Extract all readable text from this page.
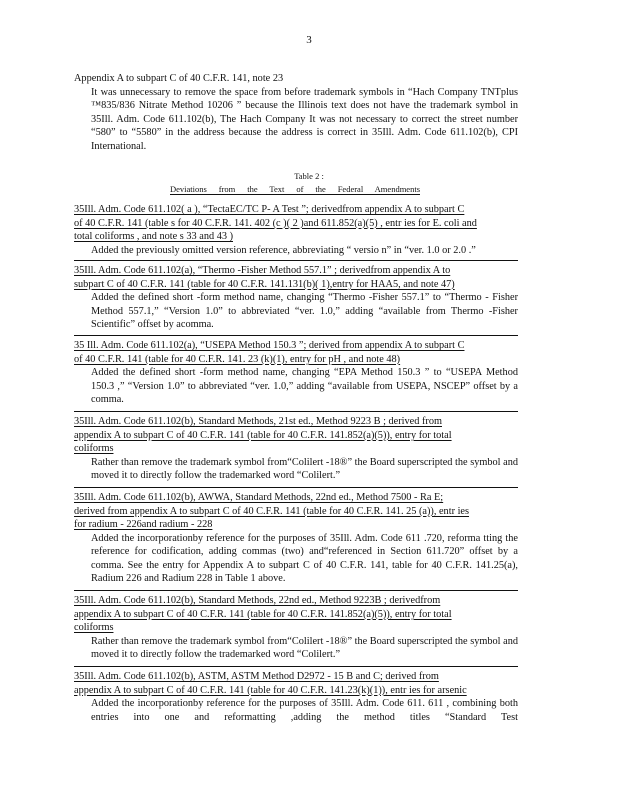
3
Appendix A to subpart C of 40 C.F.R. 141, note 23
It was unnecessary to remove the space from before trademark symbols in “Hach Company TNTplus ™835/836 Nitrate Method 10206 ” because the Illinois text does not have the trademark symbol in 35Ill. Adm. Code 611.102(b), The Hach Company It was not necessary to correct the street number “580” to “5580” in the address because the address is correct in 35Ill. Adm. Code 611.102(b), CPI International.
Table 2 :
Deviations from the Text of the Federal Amendments
35Ill. Adm. Code 611.102( a ), “TectaEC/TC P- A Test ”; derivedfrom appendix A to subpart C
of 40 C.F.R. 141 (table s for 40 C.F.R. 141. 402 (c )( 2 )and 611.852(a)(5) , entr ies for E. coli and
total coliforms , and note s 33 and 43 )
Added the previously omitted version reference, abbreviating “ versio n” in “ver. 1.0 or 2.0 .”
35Ill. Adm. Code 611.102(a), “Thermo -Fisher Method 557.1” ; derivedfrom appendix A to
subpart C of 40 C.F.R. 141 (table for 40 C.F.R. 141.131(b)( 1),entry for HAA5, and note 47)
Added the defined short -form method name, changing “Thermo -Fisher 557.1” to “Thermo - Fisher Method 557.1,” “Version 1.0” to abbreviated “ver. 1.0,” adding “available from Thermo -Fisher Scientific” offset by acomma.
35 Ill. Adm. Code 611.102(a), “USEPA Method 150.3 ”; derived from appendix A to subpart C
of 40 C.F.R. 141 (table for 40 C.F.R. 141. 23 (k)(1), entry for pH , and note 48)
Added the defined short -form method name, changing “EPA Method 150.3 ” to “USEPA Method 150.3 ,” “Version 1.0” to abbreviated “ver. 1.0,” adding “available from USEPA, NSCEP” offset by a comma.
35Ill. Adm. Code 611.102(b), Standard Methods, 21st ed., Method 9223 B ; derived from
appendix A to subpart C of 40 C.F.R. 141 (table for 40 C.F.R. 141.852(a)(5)), entry for total
coliforms
Rather than remove the trademark symbol from“Colilert -18®” the Board superscripted the symbol and moved it to directly follow the trademarked word “Colilert.”
35Ill. Adm. Code 611.102(b), AWWA, Standard Methods, 22nd ed., Method 7500 - Ra E;
derived from appendix A to subpart C of 40 C.F.R. 141 (table for 40 C.F.R. 141. 25 (a)), entr ies
for radium - 226and radium - 228
Added the incorporationby reference for the purposes of 35Ill. Adm. Code 611 .720, reforma tting the reference for codification, adding commas (two) and“referenced in Section 611.720” offset by a comma. See the entry for Appendix A to subpart C of 40 C.F.R. 141, table for 40 C.F.R. 141.25(a), Radium 226 and Radium 228 in Table 1 above.
35Ill. Adm. Code 611.102(b), Standard Methods, 22nd ed., Method 9223B ; derivedfrom
appendix A to subpart C of 40 C.F.R. 141 (table for 40 C.F.R. 141.852(a)(5)), entry for total
coliforms
Rather than remove the trademark symbol from“Colilert -18®” the Board superscripted the symbol and moved it to directly follow the trademarked word “Colilert.”
35Ill. Adm. Code 611.102(b), ASTM, ASTM Method D2972 - 15 B and C; derived from
appendix A to subpart C of 40 C.F.R. 141 (table for 40 C.F.R. 141.23(k)(1)), entr ies for arsenic
Added the incorporationby reference for the purposes of 35Ill. Adm. Code 611. 611 , combining both entries into one and reformatting ,adding the method titles “Standard Test
